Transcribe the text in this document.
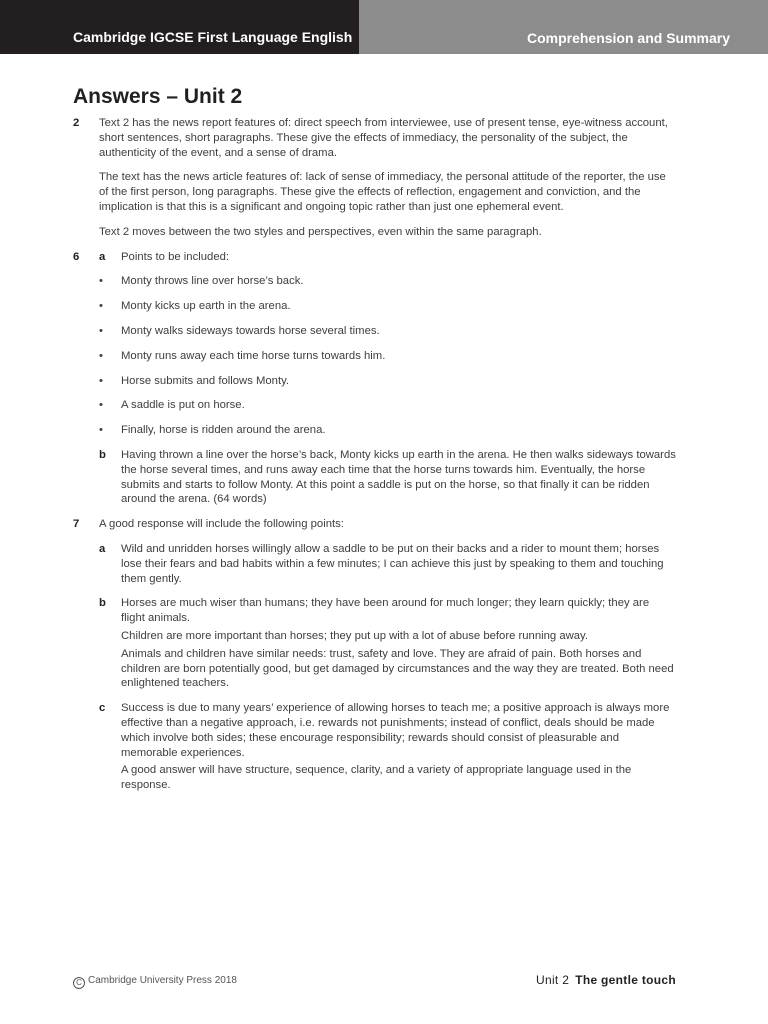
Cambridge IGCSE First Language English	Comprehension and Summary
Answers – Unit 2
2 Text 2 has the news report features of: direct speech from interviewee, use of present tense, eye-witness account, short sentences, short paragraphs. These give the effects of immediacy, the personality of the subject, the authenticity of the event, and a sense of drama.

The text has the news article features of: lack of sense of immediacy, the personal attitude of the reporter, the use of the first person, long paragraphs. These give the effects of reflection, engagement and conviction, and the implication is that this is a significant and ongoing topic rather than just one ephemeral event.

Text 2 moves between the two styles and perspectives, even within the same paragraph.

6 a	Points to be included:

• Monty throws line over horse’s back.

• Monty kicks up earth in the arena.

• Monty walks sideways towards horse several times.

• Monty runs away each time horse turns towards him.

• Horse submits and follows Monty.

• A saddle is put on horse.

• Finally, horse is ridden around the arena.

b Having thrown a line over the horse’s back, Monty kicks up earth in the arena. He then walks sideways towards the horse several times, and runs away each time that the horse turns towards him. Eventually, the horse submits and starts to follow Monty. At this point a saddle is put on the horse, so that finally it can be ridden around the arena. (64 words)

7 A good response will include the following points:

a Wild and unridden horses willingly allow a saddle to be put on their backs and a rider to mount them; horses lose their fears and bad habits within a few minutes; I can achieve this just by speaking to them and touching them gently.

b Horses are much wiser than humans; they have been around for much longer; they learn quickly; they are flight animals.

Children are more important than horses; they put up with a lot of abuse before running away.

Animals and children have similar needs: trust, safety and love. They are afraid of pain. Both horses and children are born potentially good, but get damaged by circumstances and the way they are treated. Both need enlightened teachers.

c Success is due to many years’ experience of allowing horses to teach me; a positive approach is always more effective than a negative approach, i.e. rewards not punishments; instead of conflict, deals should be made which involve both sides; these encourage responsibility; rewards should consist of pleasurable and memorable experiences.

A good answer will have structure, sequence, clarity, and a variety of appropriate language used in the response.

C Cambridge University Press 2018	Unit 2 The gentle touch
